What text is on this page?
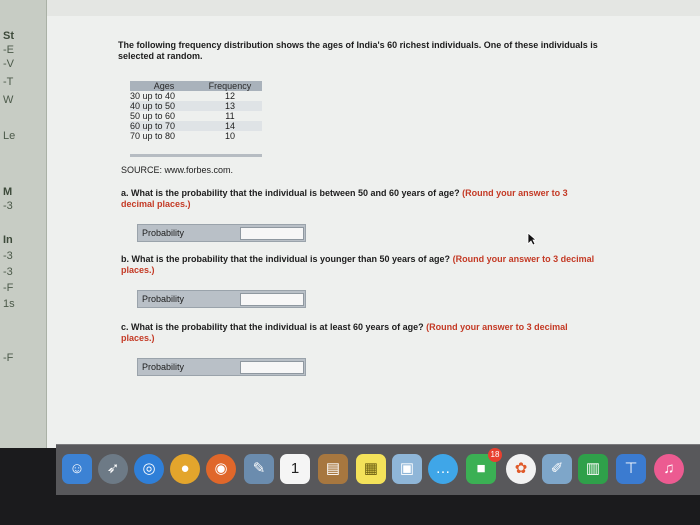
St
-E
-V
-T
W
Le
M
-3
In
-3
-3
-F
1s
-F
The following frequency distribution shows the ages of India's 60 richest individuals. One of these individuals is selected at random.
Ages	Frequency
30 up to 40	12
40 up to 50	13
50 up to 60	11
60 up to 70	14
70 up to 80	10
SOURCE: www.forbes.com.
a. What is the probability that the individual is between 50 and 60 years of age? (Round your answer to 3 decimal places.)
Probability
b. What is the probability that the individual is younger than 50 years of age? (Round your answer to 3 decimal places.)
Probability
c. What is the probability that the individual is at least 60 years of age? (Round your answer to 3 decimal places.)
Probability
☺	➶	◎	●	◉	✎	1	▤	▦	▣	…	■
18
✿	✐	▥	⊤	♫
